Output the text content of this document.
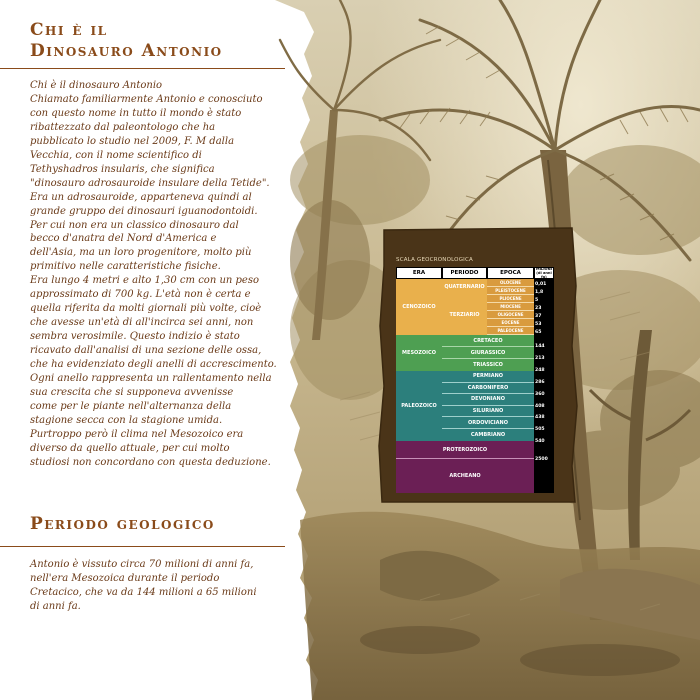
Chi è il
Dinosauro Antonio
Chi è il dinosauro Antonio
Chiamato familiarmente Antonio e conosciuto
con questo nome in tutto il mondo è stato
ribattezzato dal paleontologo che ha
pubblicato lo studio nel 2009, F. M dalla
Vecchia, con il nome scientifico di
Tethyshadros insularis, che significa
"dinosauro adrosauroide insulare della Tetide".
Era un adrosauroide, apparteneva quindi al
grande gruppo dei dinosauri iguanodontoidi.
Per cui non era un classico dinosauro dal
becco d'anatra del Nord d'America e
dell'Asia, ma un loro progenitore, molto più
primitivo nelle caratteristiche fisiche.
Era lungo 4 metri e alto 1,30 cm con un peso
approssimato di 700 kg. L'età non è certa e
quella riferita da molti giornali più volte, cioè
che avesse un'età di all'incirca sei anni, non
sembra verosimile. Questo indizio è stato
ricavato dall'analisi di una sezione delle ossa,
che ha evidenziato degli anelli di accrescimento.
Ogni anello rappresenta un rallentamento nella
sua crescita che si supponeva avvenisse
come per le piante nell'alternanza della
stagione secca con la stagione umida.
Purtroppo però il clima nel Mesozoico era
diverso da quello attuale, per cui molto
studiosi non concordano con questa deduzione.
Periodo geologico
Antonio è vissuto circa 70 milioni di anni fa,
nell'era Mesozoica durante il periodo
Cretacico, che va da 144 milioni a 65 milioni
di anni fa.
SCALA GEOCRONOLOGICA
ERA	PERIODO	EPOCA
MILIONI (di anni fa)
CENOZOICO
QUATERNARIO
TERZIARIO
OLOCENE
PLEISTOCENE
PLIOCENE
MIOCENE
OLIGOCENE
EOCENE
PALEOCENE
MESOZOICO
CRETACEO
GIURASSICO
TRIASSICO
PALEOZOICO
PERMIANO
CARBONIFERO
DEVONIANO
SILURIANO
ORDOVICIANO
CAMBRIANO
PROTEROZOICO
ARCHEANO
0,01
1,8
5
23
37
53
65
144
213
248
286
360
408
438
505
540
2500
